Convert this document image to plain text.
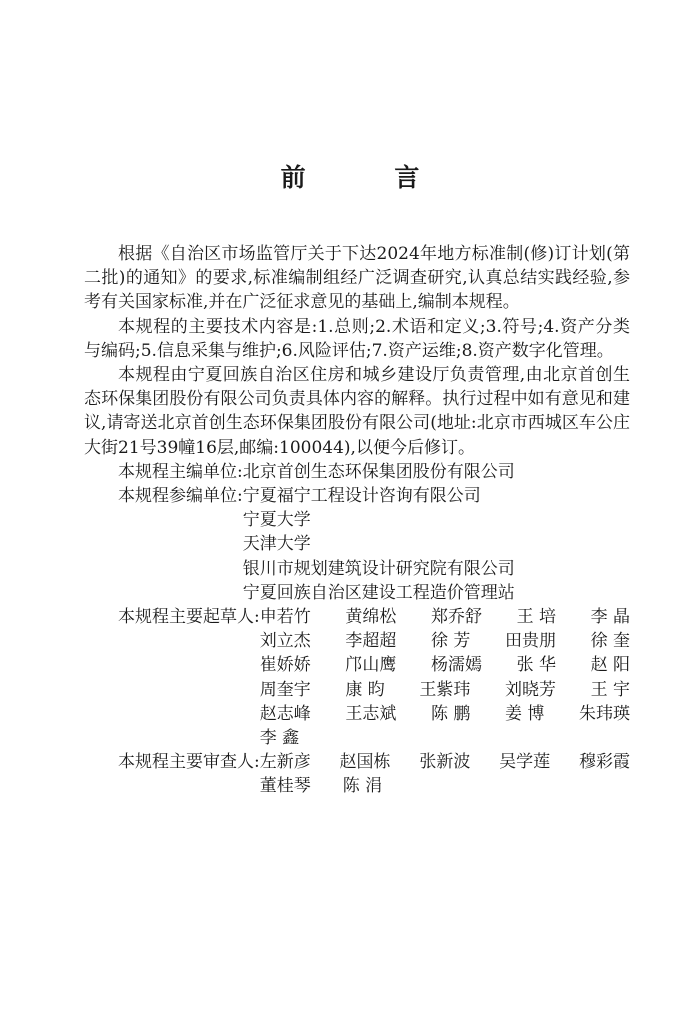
前 言

根据《自治区市场监管厅关于下达2024年地方标准制(修)订计划(第二批)的通知》的要求,标准编制组经广泛调查研究,认真总结实践经验,参考有关国家标准,并在广泛征求意见的基础上,编制本规程。

本规程的主要技术内容是:1.总则;2.术语和定义;3.符号;4.资产分类与编码;5.信息采集与维护;6.风险评估;7.资产运维;8.资产数字化管理。

本规程由宁夏回族自治区住房和城乡建设厅负责管理,由北京首创生态环保集团股份有限公司负责具体内容的解释。执行过程中如有意见和建议,请寄送北京首创生态环保集团股份有限公司(地址:北京市西城区车公庄大街21号39幢16层,邮编:100044),以便今后修订。

本规程主编单位: 北京首创生态环保集团股份有限公司
本规程参编单位: 宁夏福宁工程设计咨询有限公司
宁夏大学
天津大学
银川市规划建筑设计研究院有限公司
宁夏回族自治区建设工程造价管理站
本规程主要起草人: 申若竹 黄绵松 郑乔舒 王 培 李 晶
刘立杰 李超超 徐 芳 田贵朋 徐 奎
崔娇娇 邝山鹰 杨濡嫣 张 华 赵 阳
周奎宇 康 昀 王紫玮 刘晓芳 王 宇
赵志峰 王志斌 陈 鹏 姜 博 朱玮瑛
李 鑫
本规程主要审查人: 左新彦 赵国栋 张新波 吴学莲 穆彩霞
董桂琴 陈 涓
